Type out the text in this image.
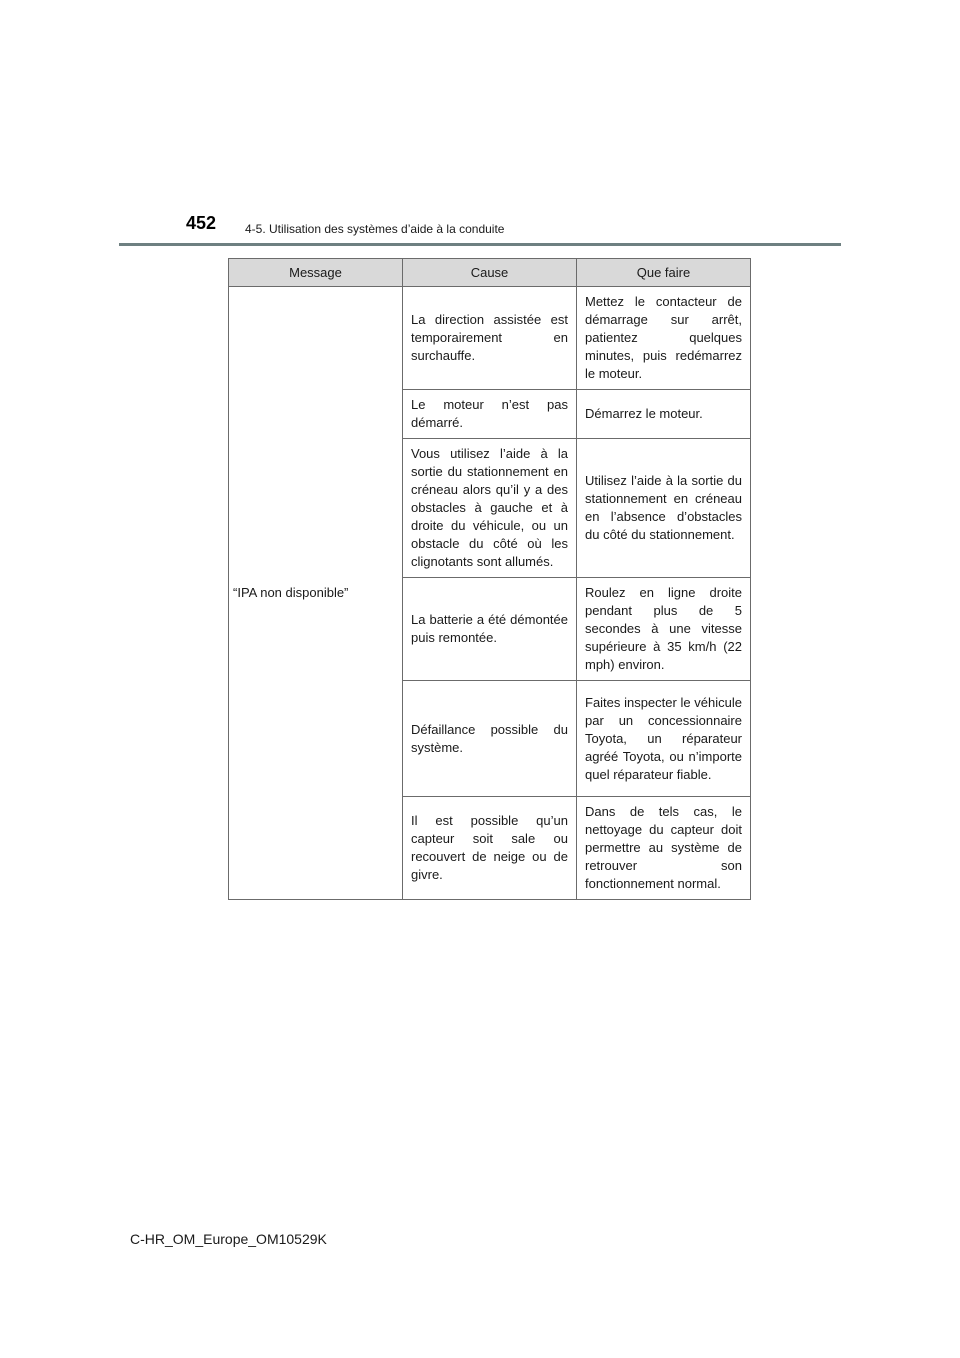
452 4-5. Utilisation des systèmes d’aide à la conduite
Message	Cause	Que faire
“IPA non disponible”	La direction assistée est temporairement en surchauffe.	Mettez le contacteur de démarrage sur arrêt, patientez quelques minutes, puis redémarrez le moteur.
	Le moteur n’est pas démarré.	Démarrez le moteur.
	Vous utilisez l’aide à la sortie du stationnement en créneau alors qu’il y a des obstacles à gauche et à droite du véhicule, ou un obstacle du côté où les clignotants sont allumés.	Utilisez l’aide à la sortie du stationnement en créneau en l’absence d’obstacles du côté du stationnement.
	La batterie a été démontée puis remontée.	Roulez en ligne droite pendant plus de 5 secondes à une vitesse supérieure à 35 km/h (22 mph) environ.
	Défaillance possible du système.	Faites inspecter le véhicule par un concessionnaire Toyota, un réparateur agréé Toyota, ou n’importe quel réparateur fiable.
	Il est possible qu’un capteur soit sale ou recouvert de neige ou de givre.	Dans de tels cas, le nettoyage du capteur doit permettre au système de retrouver son fonctionnement normal.
C-HR_OM_Europe_OM10529K
